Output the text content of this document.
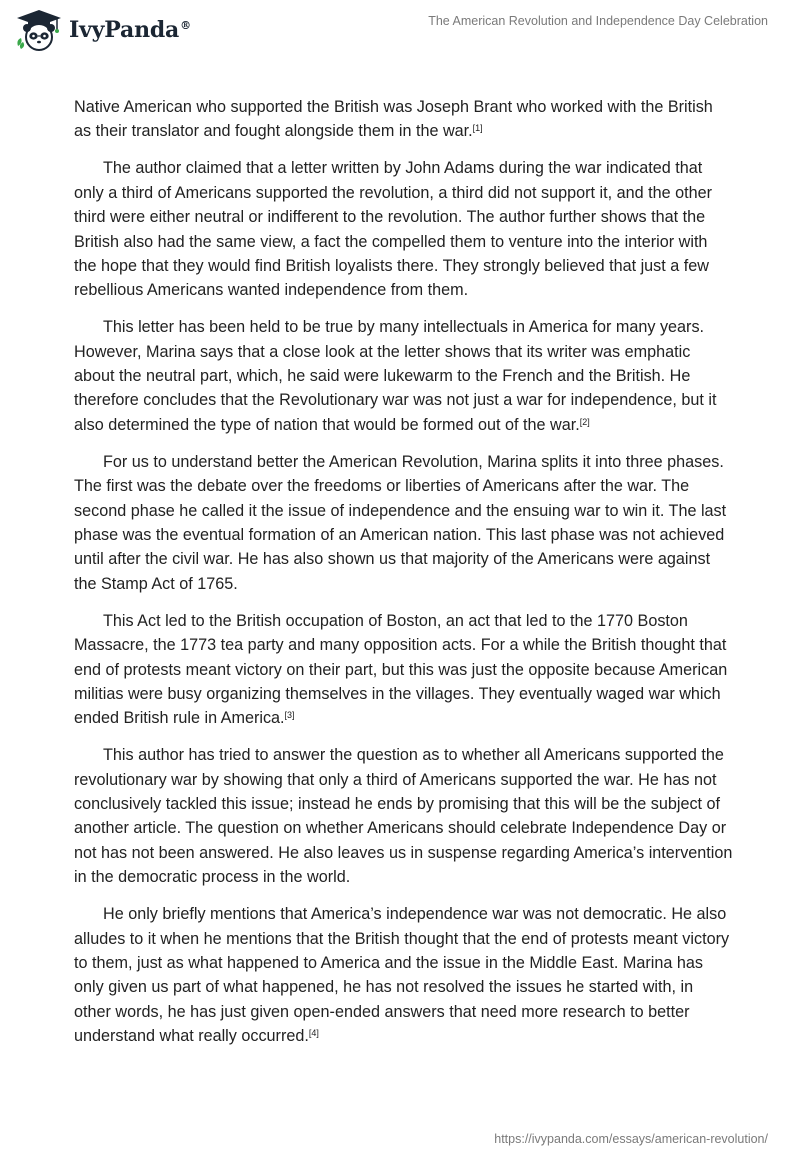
IvyPanda®	The American Revolution and Independence Day Celebration

Native American who supported the British was Joseph Brant who worked with the British as their translator and fought alongside them in the war.[1]

The author claimed that a letter written by John Adams during the war indicated that only a third of Americans supported the revolution, a third did not support it, and the other third were either neutral or indifferent to the revolution. The author further shows that the British also had the same view, a fact the compelled them to venture into the interior with the hope that they would find British loyalists there. They strongly believed that just a few rebellious Americans wanted independence from them.

This letter has been held to be true by many intellectuals in America for many years. However, Marina says that a close look at the letter shows that its writer was emphatic about the neutral part, which, he said were lukewarm to the French and the British. He therefore concludes that the Revolutionary war was not just a war for independence, but it also determined the type of nation that would be formed out of the war.[2]

For us to understand better the American Revolution, Marina splits it into three phases. The first was the debate over the freedoms or liberties of Americans after the war. The second phase he called it the issue of independence and the ensuing war to win it. The last phase was the eventual formation of an American nation. This last phase was not achieved until after the civil war. He has also shown us that majority of the Americans were against the Stamp Act of 1765.

This Act led to the British occupation of Boston, an act that led to the 1770 Boston Massacre, the 1773 tea party and many opposition acts. For a while the British thought that end of protests meant victory on their part, but this was just the opposite because American militias were busy organizing themselves in the villages. They eventually waged war which ended British rule in America.[3]

This author has tried to answer the question as to whether all Americans supported the revolutionary war by showing that only a third of Americans supported the war. He has not conclusively tackled this issue; instead he ends by promising that this will be the subject of another article. The question on whether Americans should celebrate Independence Day or not has not been answered. He also leaves us in suspense regarding America’s intervention in the democratic process in the world.

He only briefly mentions that America’s independence war was not democratic. He also alludes to it when he mentions that the British thought that the end of protests meant victory to them, just as what happened to America and the issue in the Middle East. Marina has only given us part of what happened, he has not resolved the issues he started with, in other words, he has just given open-ended answers that need more research to better understand what really occurred.[4]

https://ivypanda.com/essays/american-revolution/
